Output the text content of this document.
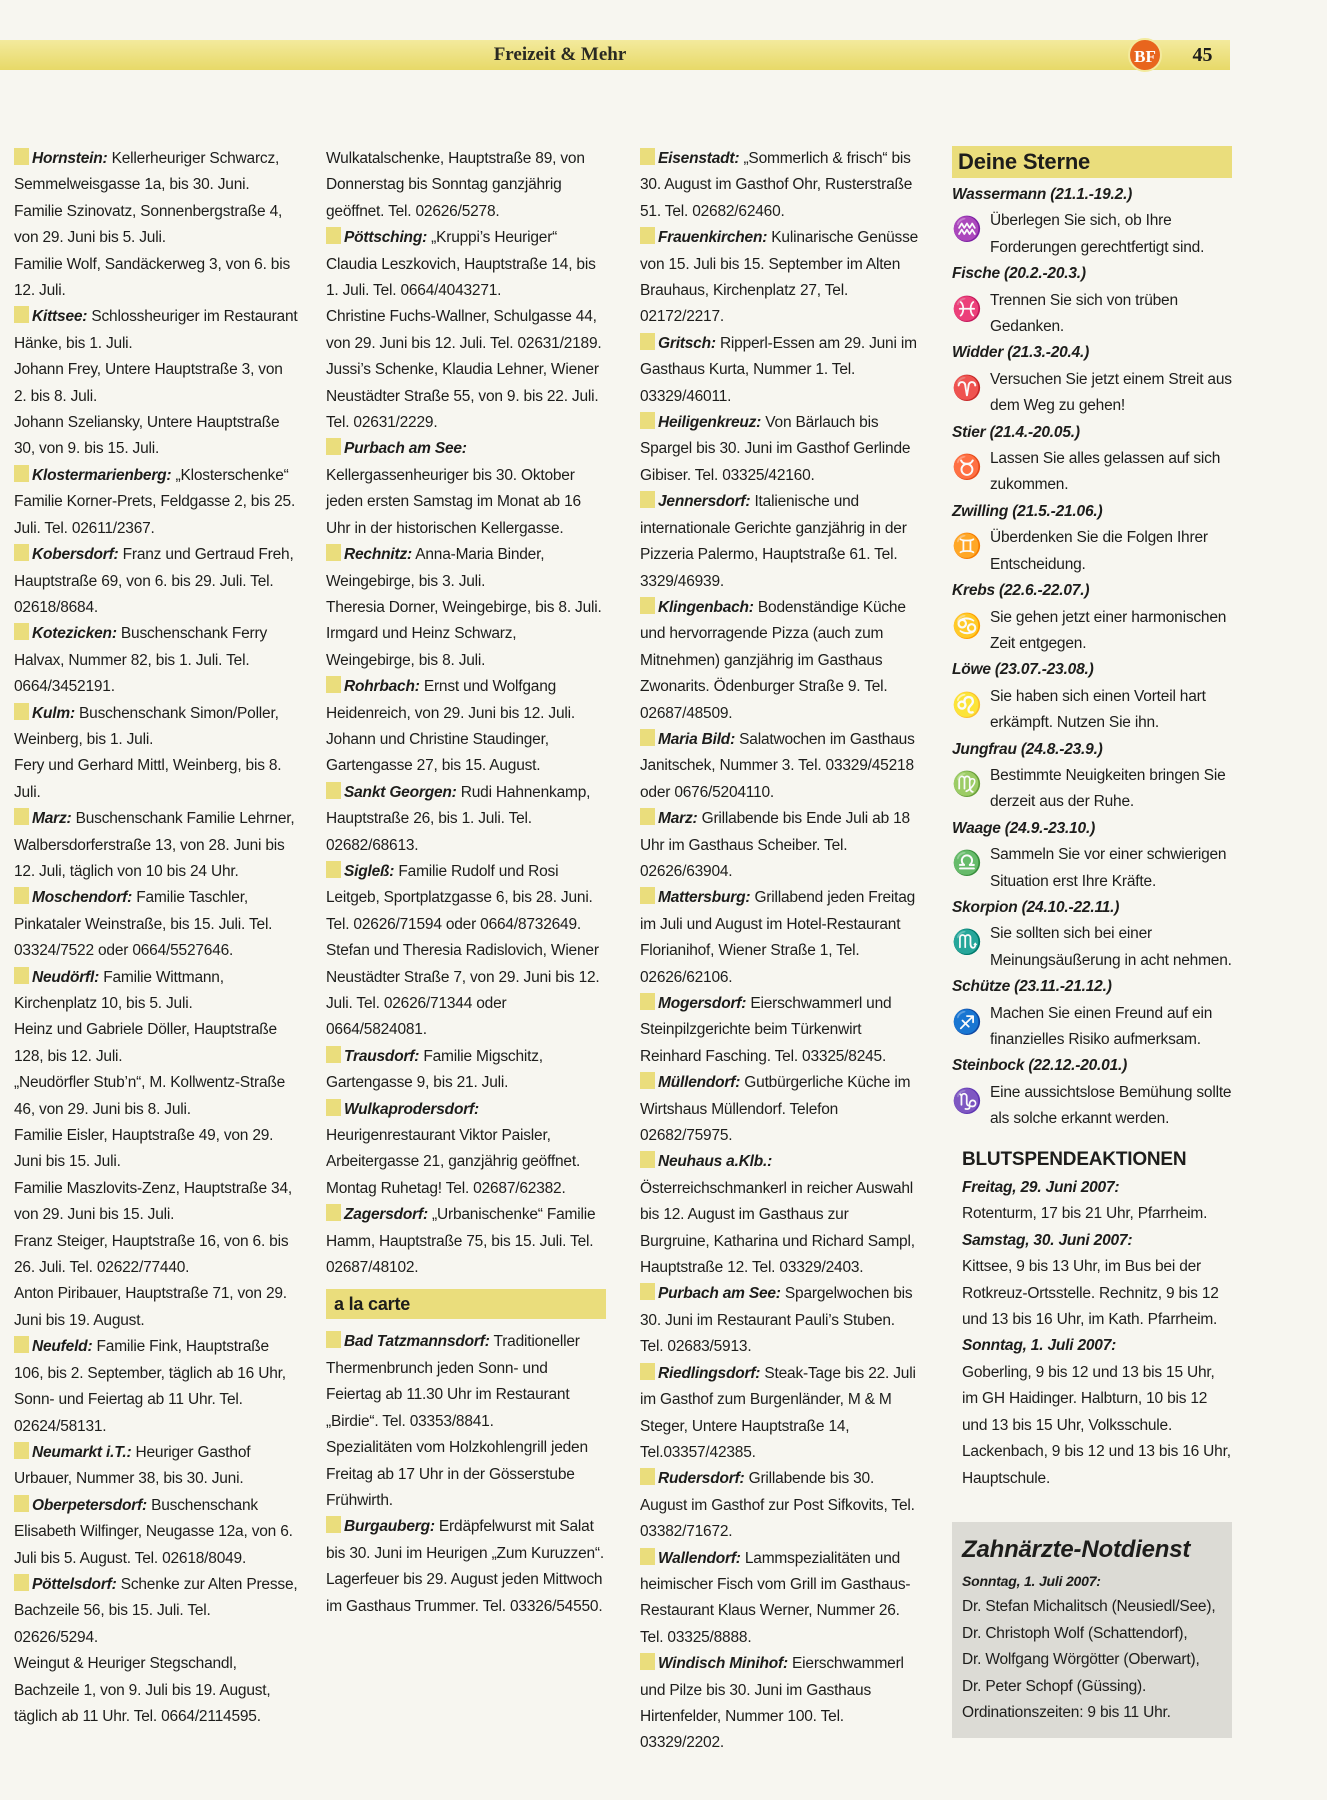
Freizeit & Mehr	BF	45

Hornstein: Kellerheuriger Schwarcz, Semmelweisgasse 1a, bis 30. Juni.

Familie Szinovatz, Sonnenbergstraße 4, von 29. Juni bis 5. Juli.

Familie Wolf, Sandäckerweg 3, von 6. bis 12. Juli.

Kittsee: Schlossheuriger im Restaurant Hänke, bis 1. Juli.

Johann Frey, Untere Hauptstraße 3, von 2. bis 8. Juli.

Johann Szeliansky, Untere Hauptstraße 30, von 9. bis 15. Juli.

Klostermarienberg: „Klosterschenke“ Familie Korner-Prets, Feldgasse 2, bis 25. Juli. Tel. 02611/2367.

Kobersdorf: Franz und Gertraud Freh, Hauptstraße 69, von 6. bis 29. Juli. Tel. 02618/8684.

Kotezicken: Buschenschank Ferry Halvax, Nummer 82, bis 1. Juli. Tel. 0664/3452191.

Kulm: Buschenschank Simon/Poller, Weinberg, bis 1. Juli.

Fery und Gerhard Mittl, Weinberg, bis 8. Juli.

Marz: Buschenschank Familie Lehrner, Walbersdorferstraße 13, von 28. Juni bis 12. Juli, täglich von 10 bis 24 Uhr.

Moschendorf: Familie Taschler, Pinkataler Weinstraße, bis 15. Juli. Tel. 03324/7522 oder 0664/5527646.

Neudörfl: Familie Wittmann, Kirchenplatz 10, bis 5. Juli.

Heinz und Gabriele Döller, Hauptstraße 128, bis 12. Juli.

„Neudörfler Stub’n“, M. Kollwentz-Straße 46, von 29. Juni bis 8. Juli.

Familie Eisler, Hauptstraße 49, von 29. Juni bis 15. Juli.

Familie Maszlovits-Zenz, Hauptstraße 34, von 29. Juni bis 15. Juli.

Franz Steiger, Hauptstraße 16, von 6. bis 26. Juli. Tel. 02622/77440.

Anton Piribauer, Hauptstraße 71, von 29. Juni bis 19. August.

Neufeld: Familie Fink, Hauptstraße 106, bis 2. September, täglich ab 16 Uhr, Sonn- und Feiertag ab 11 Uhr. Tel. 02624/58131.

Neumarkt i.T.: Heuriger Gasthof Urbauer, Nummer 38, bis 30. Juni.

Oberpetersdorf: Buschenschank Elisabeth Wilfinger, Neugasse 12a, von 6. Juli bis 5. August. Tel. 02618/8049.

Pöttelsdorf: Schenke zur Alten Presse, Bachzeile 56, bis 15. Juli. Tel. 02626/5294.

Weingut & Heuriger Stegschandl, Bachzeile 1, von 9. Juli bis 19. August, täglich ab 11 Uhr. Tel. 0664/2114595.

Wulkatalschenke, Hauptstraße 89, von Donnerstag bis Sonntag ganzjährig geöffnet. Tel. 02626/5278.

Pöttsching: „Kruppi’s Heuriger“ Claudia Leszkovich, Hauptstraße 14, bis 1. Juli. Tel. 0664/4043271.

Christine Fuchs-Wallner, Schulgasse 44, von 29. Juni bis 12. Juli. Tel. 02631/2189.

Jussi’s Schenke, Klaudia Lehner, Wiener Neustädter Straße 55, von 9. bis 22. Juli. Tel. 02631/2229.

Purbach am See: Kellergassenheuriger bis 30. Oktober jeden ersten Samstag im Monat ab 16 Uhr in der historischen Kellergasse.

Rechnitz: Anna-Maria Binder, Weingebirge, bis 3. Juli.

Theresia Dorner, Weingebirge, bis 8. Juli.

Irmgard und Heinz Schwarz, Weingebirge, bis 8. Juli.

Rohrbach: Ernst und Wolfgang Heidenreich, von 29. Juni bis 12. Juli.

Johann und Christine Staudinger, Gartengasse 27, bis 15. August.

Sankt Georgen: Rudi Hahnenkamp, Hauptstraße 26, bis 1. Juli. Tel. 02682/68613.

Sigleß: Familie Rudolf und Rosi Leitgeb, Sportplatzgasse 6, bis 28. Juni. Tel. 02626/71594 oder 0664/8732649.

Stefan und Theresia Radislovich, Wiener Neustädter Straße 7, von 29. Juni bis 12. Juli. Tel. 02626/71344 oder 0664/5824081.

Trausdorf: Familie Migschitz, Gartengasse 9, bis 21. Juli.

Wulkaprodersdorf: Heurigenrestaurant Viktor Paisler, Arbeitergasse 21, ganzjährig geöffnet. Montag Ruhetag! Tel. 02687/62382.

Zagersdorf: „Urbanischenke“ Familie Hamm, Hauptstraße 75, bis 15. Juli. Tel. 02687/48102.

a la carte

Bad Tatzmannsdorf: Traditioneller Thermenbrunch jeden Sonn- und Feiertag ab 11.30 Uhr im Restaurant „Birdie“. Tel. 03353/8841.

Spezialitäten vom Holzkohlengrill jeden Freitag ab 17 Uhr in der Gösserstube Frühwirth.

Burgauberg: Erdäpfelwurst mit Salat bis 30. Juni im Heurigen „Zum Kuruzzen“.

Lagerfeuer bis 29. August jeden Mittwoch im Gasthaus Trummer. Tel. 03326/54550.

Eisenstadt: „Sommerlich & frisch“ bis 30. August im Gasthof Ohr, Rusterstraße 51. Tel. 02682/62460.

Frauenkirchen: Kulinarische Genüsse von 15. Juli bis 15. September im Alten Brauhaus, Kirchenplatz 27, Tel. 02172/2217.

Gritsch: Ripperl-Essen am 29. Juni im Gasthaus Kurta, Nummer 1. Tel. 03329/46011.

Heiligenkreuz: Von Bärlauch bis Spargel bis 30. Juni im Gasthof Gerlinde Gibiser. Tel. 03325/42160.

Jennersdorf: Italienische und internationale Gerichte ganzjährig in der Pizzeria Palermo, Hauptstraße 61. Tel. 3329/46939.

Klingenbach: Bodenständige Küche und hervorragende Pizza (auch zum Mitnehmen) ganzjährig im Gasthaus Zwonarits. Ödenburger Straße 9. Tel. 02687/48509.

Maria Bild: Salatwochen im Gasthaus Janitschek, Nummer 3. Tel. 03329/45218 oder 0676/5204110.

Marz: Grillabende bis Ende Juli ab 18 Uhr im Gasthaus Scheiber. Tel. 02626/63904.

Mattersburg: Grillabend jeden Freitag im Juli und August im Hotel-Restaurant Florianihof, Wiener Straße 1, Tel. 02626/62106.

Mogersdorf: Eierschwammerl und Steinpilzgerichte beim Türkenwirt Reinhard Fasching. Tel. 03325/8245.

Müllendorf: Gutbürgerliche Küche im Wirtshaus Müllendorf. Telefon 02682/75975.

Neuhaus a.Klb.: Österreichschmankerl in reicher Auswahl bis 12. August im Gasthaus zur Burgruine, Katharina und Richard Sampl, Hauptstraße 12. Tel. 03329/2403.

Purbach am See: Spargelwochen bis 30. Juni im Restaurant Pauli’s Stuben. Tel. 02683/5913.

Riedlingsdorf: Steak-Tage bis 22. Juli im Gasthof zum Burgenländer, M & M Steger, Untere Hauptstraße 14, Tel.03357/42385.

Rudersdorf: Grillabende bis 30. August im Gasthof zur Post Sifkovits, Tel. 03382/71672.

Wallendorf: Lammspezialitäten und heimischer Fisch vom Grill im Gasthaus-Restaurant Klaus Werner, Nummer 26. Tel. 03325/8888.

Windisch Minihof: Eierschwammerl und Pilze bis 30. Juni im Gasthaus Hirtenfelder, Nummer 100. Tel. 03329/2202.

Deine Sterne
Wassermann (21.1.-19.2.)
♒ Überlegen Sie sich, ob Ihre Forderungen gerechtfertigt sind.
Fische (20.2.-20.3.)
♓ Trennen Sie sich von trüben Gedanken.
Widder (21.3.-20.4.)
♈ Versuchen Sie jetzt einem Streit aus dem Weg zu gehen!
Stier (21.4.-20.05.)
♉ Lassen Sie alles gelassen auf sich zukommen.
Zwilling (21.5.-21.06.)
♊ Überdenken Sie die Folgen Ihrer Entscheidung.
Krebs (22.6.-22.07.)
♋ Sie gehen jetzt einer harmonischen Zeit entgegen.
Löwe (23.07.-23.08.)
♌ Sie haben sich einen Vorteil hart erkämpft. Nutzen Sie ihn.
Jungfrau (24.8.-23.9.)
♍ Bestimmte Neuigkeiten bringen Sie derzeit aus der Ruhe.
Waage (24.9.-23.10.)
♎ Sammeln Sie vor einer schwierigen Situation erst Ihre Kräfte.
Skorpion (24.10.-22.11.)
♏ Sie sollten sich bei einer Meinungsäußerung in acht nehmen.
Schütze (23.11.-21.12.)
♐ Machen Sie einen Freund auf ein finanzielles Risiko aufmerksam.
Steinbock (22.12.-20.01.)
♑ Eine aussichtslose Bemühung sollte als solche erkannt werden.
BLUTSPENDEAKTIONEN
Freitag, 29. Juni 2007:
Rotenturm, 17 bis 21 Uhr, Pfarrheim.
Samstag, 30. Juni 2007:
Kittsee, 9 bis 13 Uhr, im Bus bei der Rotkreuz-Ortsstelle. Rechnitz, 9 bis 12 und 13 bis 16 Uhr, im Kath. Pfarrheim.
Sonntag, 1. Juli 2007:
Goberling, 9 bis 12 und 13 bis 15 Uhr, im GH Haidinger. Halbturn, 10 bis 12 und 13 bis 15 Uhr, Volksschule. Lackenbach, 9 bis 12 und 13 bis 16 Uhr, Hauptschule.
Zahnärzte-Notdienst
Sonntag, 1. Juli 2007:
Dr. Stefan Michalitsch (Neusiedl/See),
Dr. Christoph Wolf (Schattendorf),
Dr. Wolfgang Wörgötter (Oberwart),
Dr. Peter Schopf (Güssing).
Ordinationszeiten: 9 bis 11 Uhr.
